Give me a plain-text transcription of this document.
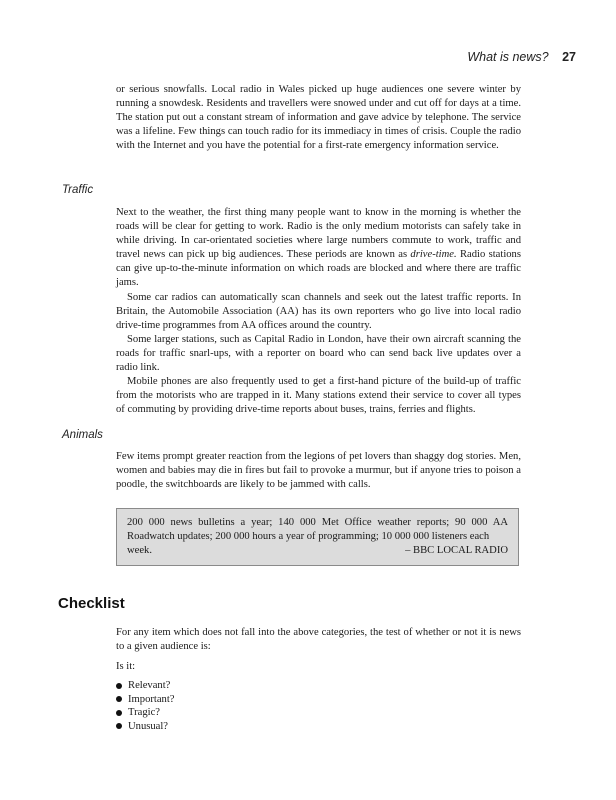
What is news? 27

or serious snowfalls. Local radio in Wales picked up huge audiences one severe winter by running a snowdesk. Residents and travellers were snowed under and cut off for days at a time. The station put out a constant stream of information and gave advice by telephone. The service was a lifeline. Few things can touch radio for its immediacy in times of crisis. Couple the radio with the Internet and you have the potential for a first-rate emergency information service.

Traffic

Next to the weather, the first thing many people want to know in the morning is whether the roads will be clear for getting to work. Radio is the only medium motorists can safely take in while driving. In car-orientated societies where large numbers commute to work, traffic and travel news can pick up big audiences. These periods are known as drive-time. Radio stations can give up-to-the-minute information on which roads are blocked and where there are traffic jams.

Some car radios can automatically scan channels and seek out the latest traffic reports. In Britain, the Automobile Association (AA) has its own reporters who go live into local radio drive-time programmes from AA offices around the country.

Some larger stations, such as Capital Radio in London, have their own aircraft scanning the roads for traffic snarl-ups, with a reporter on board who can send back live updates over a radio link.

Mobile phones are also frequently used to get a first-hand picture of the build-up of traffic from the motorists who are trapped in it. Many stations extend their service to cover all types of commuting by providing drive-time reports about buses, trains, ferries and flights.

Animals

Few items prompt greater reaction from the legions of pet lovers than shaggy dog stories. Men, women and babies may die in fires but fail to provoke a murmur, but if anyone tries to poison a poodle, the switchboards are likely to be jammed with calls.

200 000 news bulletins a year; 140 000 Met Office weather reports; 90 000 AA Roadwatch updates; 200 000 hours a year of programming; 10 000 000 listeners each
week.	– BBC LOCAL RADIO
Checklist

For any item which does not fall into the above categories, the test of whether or not it is news to a given audience is:

Is it:

Relevant?
Important?
Tragic?
Unusual?
